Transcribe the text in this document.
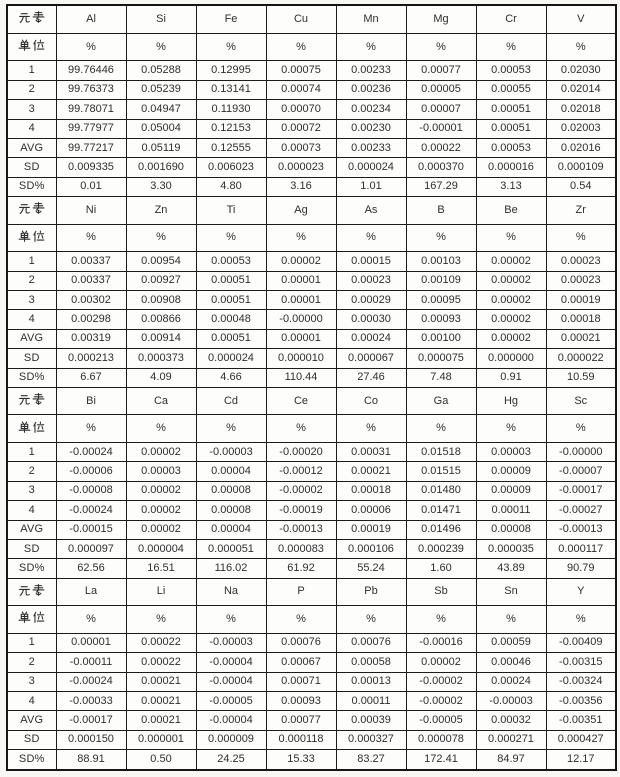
	Al	Si	Fe	Cu	Mn	Mg	Cr	V

	%	%	%	%	%	%	%	%
1	99.76446	0.05288	0.12995	0.00075	0.00233	0.00077	0.00053	0.02030
2	99.76373	0.05239	0.13141	0.00074	0.00236	0.00005	0.00055	0.02014
3	99.78071	0.04947	0.11930	0.00070	0.00234	0.00007	0.00051	0.02018
4	99.77977	0.05004	0.12153	0.00072	0.00230	-0.00001	0.00051	0.02003
AVG	99.77217	0.05119	0.12555	0.00073	0.00233	0.00022	0.00053	0.02016
SD	0.009335	0.001690	0.006023	0.000023	0.000024	0.000370	0.000016	0.000109
SD%	0.01	3.30	4.80	3.16	1.01	167.29	3.13	0.54

	Ni	Zn	Ti	Ag	As	B	Be	Zr

	%	%	%	%	%	%	%	%
1	0.00337	0.00954	0.00053	0.00002	0.00015	0.00103	0.00002	0.00023
2	0.00337	0.00927	0.00051	0.00001	0.00023	0.00109	0.00002	0.00023
3	0.00302	0.00908	0.00051	0.00001	0.00029	0.00095	0.00002	0.00019
4	0.00298	0.00866	0.00048	-0.00000	0.00030	0.00093	0.00002	0.00018
AVG	0.00319	0.00914	0.00051	0.00001	0.00024	0.00100	0.00002	0.00021
SD	0.000213	0.000373	0.000024	0.000010	0.000067	0.000075	0.000000	0.000022
SD%	6.67	4.09	4.66	110.44	27.46	7.48	0.91	10.59

	Bi	Ca	Cd	Ce	Co	Ga	Hg	Sc

	%	%	%	%	%	%	%	%
1	-0.00024	0.00002	-0.00003	-0.00020	0.00031	0.01518	0.00003	-0.00000
2	-0.00006	0.00003	0.00004	-0.00012	0.00021	0.01515	0.00009	-0.00007
3	-0.00008	0.00002	0.00008	-0.00002	0.00018	0.01480	0.00009	-0.00017
4	-0.00024	0.00002	0.00008	-0.00019	0.00006	0.01471	0.00011	-0.00027
AVG	-0.00015	0.00002	0.00004	-0.00013	0.00019	0.01496	0.00008	-0.00013
SD	0.000097	0.000004	0.000051	0.000083	0.000106	0.000239	0.000035	0.000117
SD%	62.56	16.51	116.02	61.92	55.24	1.60	43.89	90.79

	La	Li	Na	P	Pb	Sb	Sn	Y

	%	%	%	%	%	%	%	%
1	0.00001	0.00022	-0.00003	0.00076	0.00076	-0.00016	0.00059	-0.00409
2	-0.00011	0.00022	-0.00004	0.00067	0.00058	0.00002	0.00046	-0.00315
3	-0.00024	0.00021	-0.00004	0.00071	0.00013	-0.00002	0.00024	-0.00324
4	-0.00033	0.00021	-0.00005	0.00093	0.00011	-0.00002	-0.00003	-0.00356
AVG	-0.00017	0.00021	-0.00004	0.00077	0.00039	-0.00005	0.00032	-0.00351
SD	0.000150	0.000001	0.000009	0.000118	0.000327	0.000078	0.000271	0.000427
SD%	88.91	0.50	24.25	15.33	83.27	172.41	84.97	12.17
